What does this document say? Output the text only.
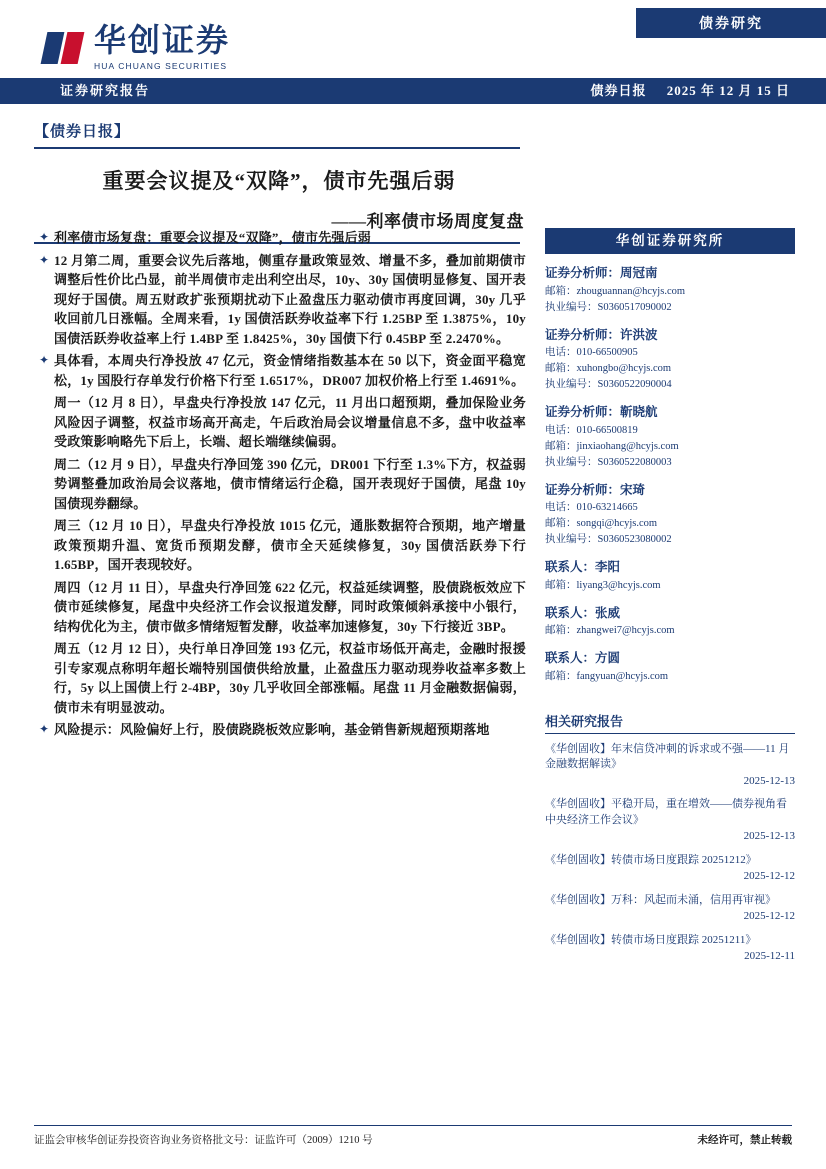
华创证券
HUA CHUANG SECURITIES
债券研究
证券研究报告	债券日报 2025 年 12 月 15 日
【债券日报】
重要会议提及“双降”，债市先强后弱
——利率债市场周度复盘
✦ 利率债市场复盘：重要会议提及“双降”，债市先强后弱
✦ 12 月第二周，重要会议先后落地，侧重存量政策显效、增量不多，叠加前期债市调整后性价比凸显，前半周债市走出利空出尽，10y、30y 国债明显修复、国开表现好于国债。周五财政扩张预期扰动下止盈盘压力驱动债市再度回调，30y 几乎收回前几日涨幅。全周来看，1y 国债活跃券收益率下行 1.25BP 至 1.3875%，10y 国债活跃券收益率上行 1.4BP 至 1.8425%，30y 国债下行 0.45BP 至 2.2470%。
✦ 具体看，本周央行净投放 47 亿元，资金情绪指数基本在 50 以下，资金面平稳宽松，1y 国股行存单发行价格下行至 1.6517%，DR007 加权价格上行至 1.4691%。

周一（12 月 8 日），早盘央行净投放 147 亿元，11 月出口超预期，叠加保险业务风险因子调整，权益市场高开高走，午后政治局会议增量信息不多，盘中收益率受政策影响略先下后上，长端、超长端继续偏弱。

周二（12 月 9 日），早盘央行净回笼 390 亿元，DR001 下行至 1.3%下方，权益弱势调整叠加政治局会议落地，债市情绪运行企稳，国开表现好于国债，尾盘 10y 国债现券翻绿。

周三（12 月 10 日），早盘央行净投放 1015 亿元，通胀数据符合预期，地产增量政策预期升温、宽货币预期发酵，债市全天延续修复，30y 国债活跃券下行 1.65BP，国开表现较好。

周四（12 月 11 日），早盘央行净回笼 622 亿元，权益延续调整，股债跷板效应下债市延续修复，尾盘中央经济工作会议报道发酵，同时政策倾斜承接中小银行，结构优化为主，债市做多情绪短暂发酵，收益率加速修复，30y 下行接近 3BP。

周五（12 月 12 日），央行单日净回笼 193 亿元，权益市场低开高走，金融时报援引专家观点称明年超长端特别国债供给放量，止盈盘压力驱动现券收益率多数上行，5y 以上国债上行 2-4BP，30y 几乎收回全部涨幅。尾盘 11 月金融数据偏弱，债市未有明显波动。

✦ 风险提示：风险偏好上行，股债跷跷板效应影响，基金销售新规超预期落地
华创证券研究所
证券分析师：周冠南
邮箱：zhouguannan@hcyjs.com
执业编号：S0360517090002
证券分析师：许洪波
电话：010-66500905
邮箱：xuhongbo@hcyjs.com
执业编号：S0360522090004
证券分析师：靳晓航
电话：010-66500819
邮箱：jinxiaohang@hcyjs.com
执业编号：S0360522080003
证券分析师：宋琦
电话：010-63214665
邮箱：songqi@hcyjs.com
执业编号：S0360523080002
联系人：李阳
邮箱：liyang3@hcyjs.com
联系人：张威
邮箱：zhangwei7@hcyjs.com
联系人：方圆
邮箱：fangyuan@hcyjs.com
相关研究报告
《华创固收】年末信贷冲刺的诉求或不强——11 月金融数据解读》
2025-12-13
《华创固收】平稳开局，重在增效——债券视角看中央经济工作会议》
2025-12-13
《华创固收】转债市场日度跟踪 20251212》
2025-12-12
《华创固收】万科：风起而未涌，信用再审视》
2025-12-12
《华创固收】转债市场日度跟踪 20251211》
2025-12-11
证监会审核华创证券投资咨询业务资格批文号：证监许可（2009）1210 号	未经许可，禁止转载
